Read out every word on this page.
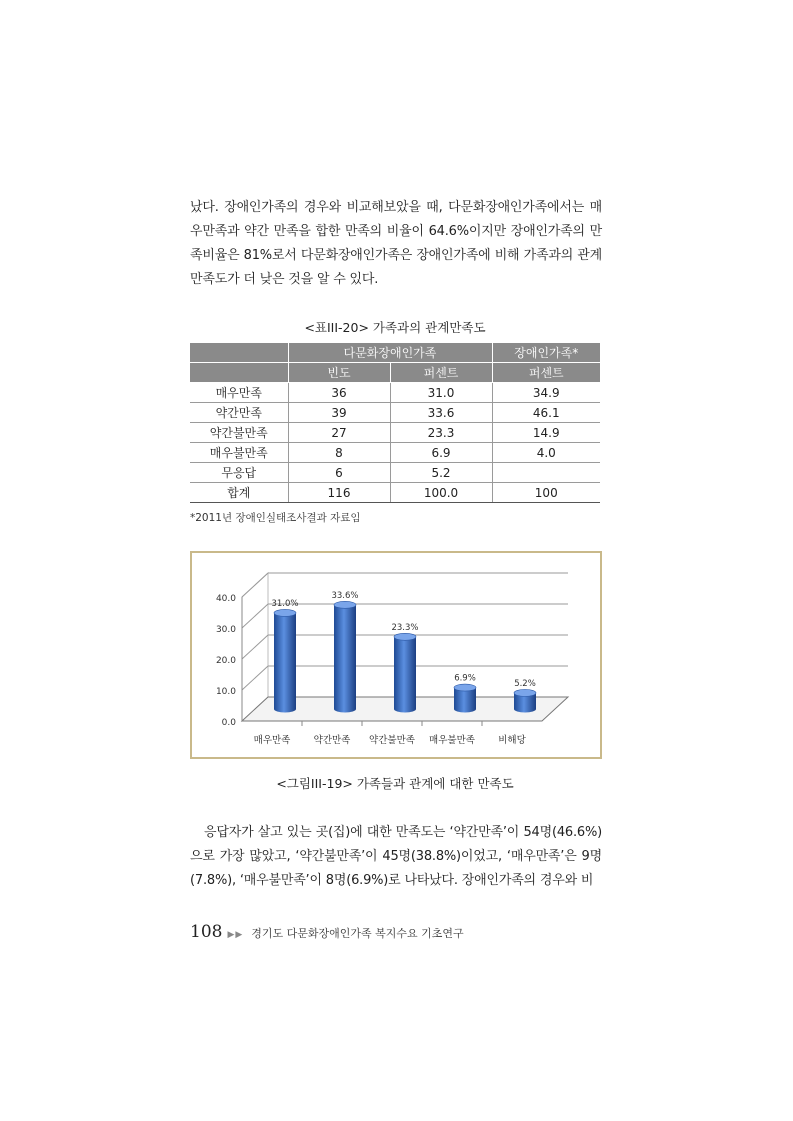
났다. 장애인가족의 경우와 비교해보았을 때, 다문화장애인가족에서는 매우만족과 약간 만족을 합한 만족의 비율이 64.6%이지만 장애인가족의 만족비율은 81%로서 다문화장애인가족은 장애인가족에 비해 가족과의 관계만족도가 더 낮은 것을 알 수 있다.
<표III-20> 가족과의 관계만족도
	다문화장애인가족		장애인가족*
	빈도	퍼센트	퍼센트
매우만족	36	31.0	34.9
약간만족	39	33.6	46.1
약간불만족	27	23.3	14.9
매우불만족	8	6.9	4.0
무응답	6	5.2	
합계	116	100.0	100
*2011년 장애인실태조사결과 자료임
0.0
10.0
20.0
30.0
40.0	31.0%
매우만족
33.6%
약간만족
23.3%
약간불만족
6.9%
매우불만족
5.2%
비해당
<그림III-19> 가족들과 관계에 대한 만족도
응답자가 살고 있는 곳(집)에 대한 만족도는 ‘약간만족’이 54명(46.6%)으로 가장 많았고, ‘약간불만족’이 45명(38.8%)이었고, ‘매우만족’은 9명(7.8%), ‘매우불만족’이 8명(6.9%)로 나타났다. 장애인가족의 경우와 비
108 ▶▶ 경기도 다문화장애인가족 복지수요 기초연구
